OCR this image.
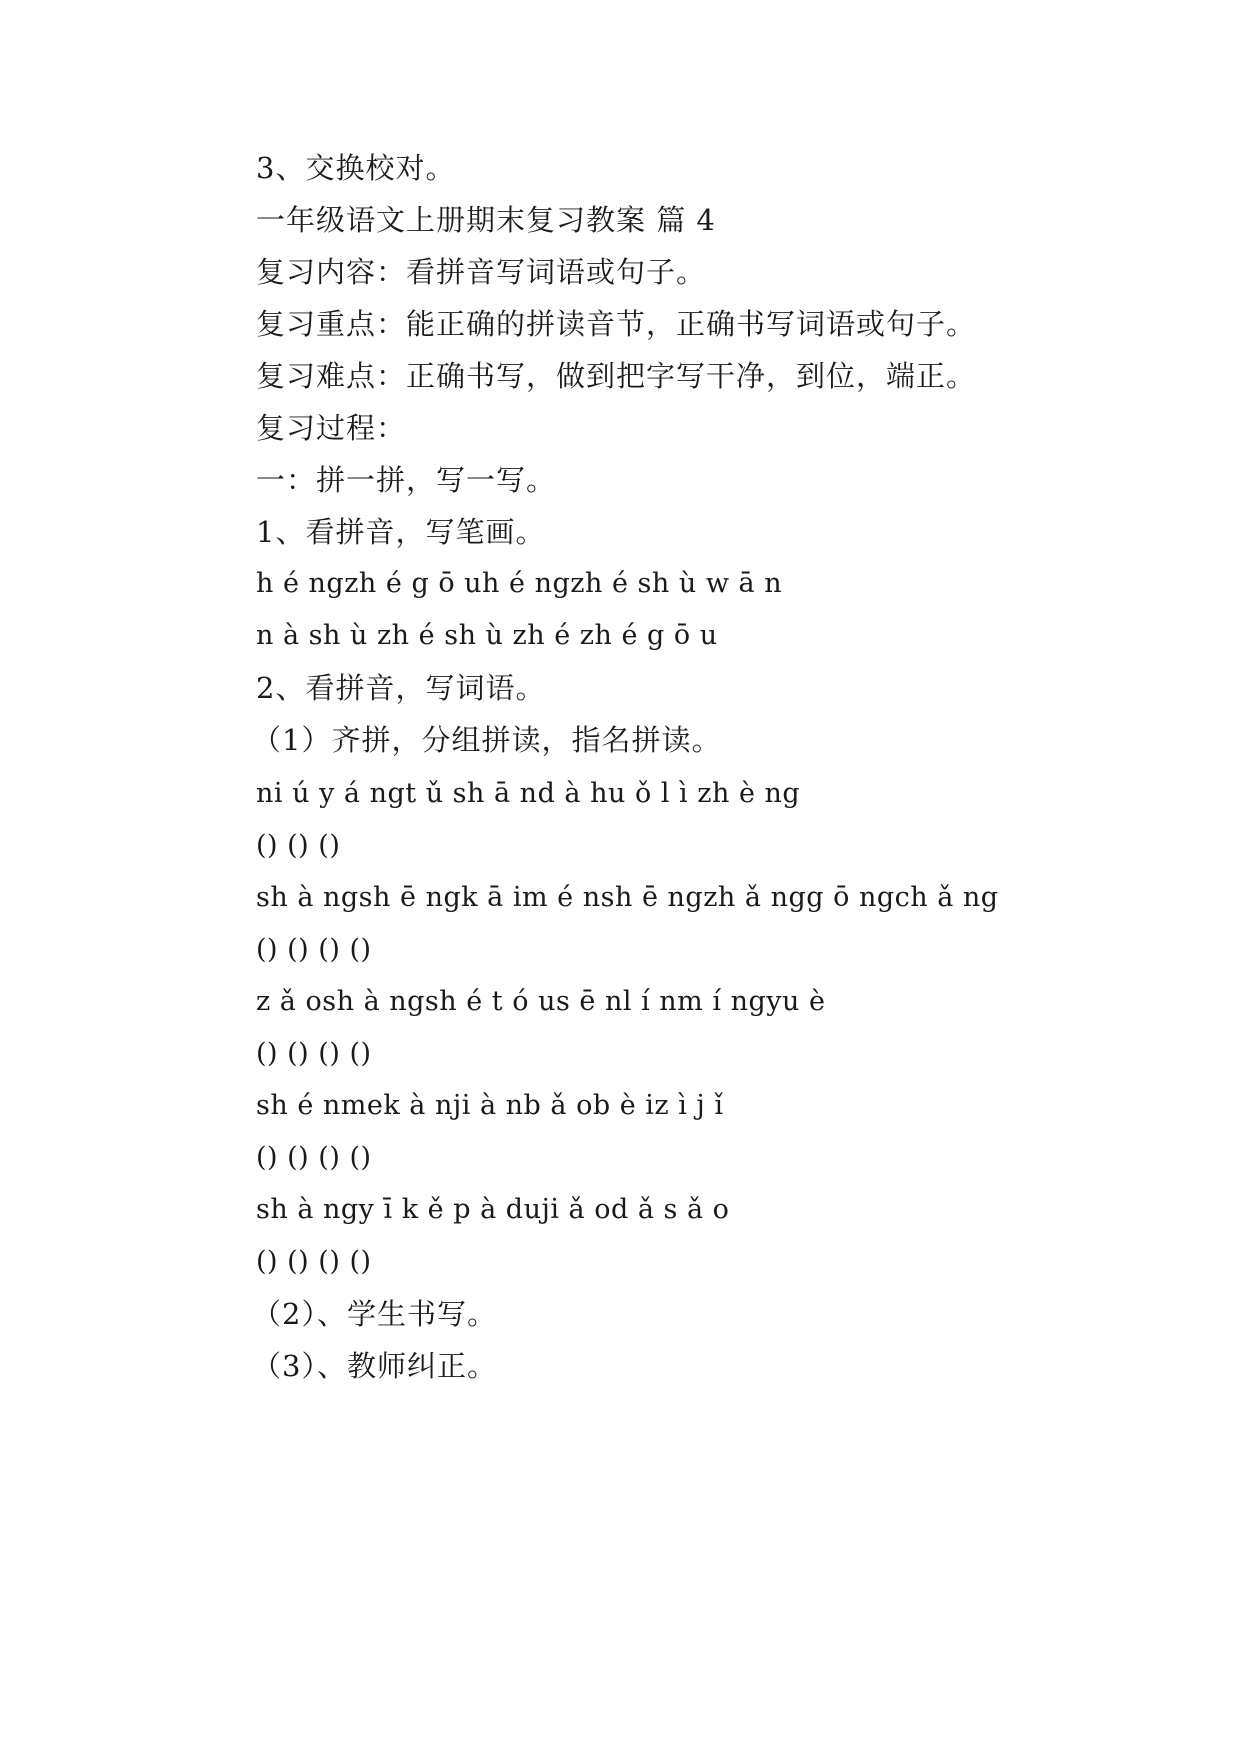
3、交换校对。
一年级语文上册期末复习教案 篇 4
复习内容：看拼音写词语或句子。
复习重点：能正确的拼读音节，正确书写词语或句子。
复习难点：正确书写，做到把字写干净，到位，端正。
复习过程：
一：拼一拼，写一写。
1、看拼音，写笔画。
h é ngzh é g ō uh é ngzh é sh ù w ā n
n à sh ù zh é sh ù zh é zh é g ō u
2、看拼音，写词语。
（1）齐拼，分组拼读，指名拼读。
ni ú y á ngt ǔ sh ā nd à hu ǒ l ì zh è ng
() () ()
sh à ngsh ē ngk ā im é nsh ē ngzh ǎ ngg ō ngch ǎ ng
() () () ()
z ǎ osh à ngsh é t ó us ē nl í nm í ngyu è
() () () ()
sh é nmek à nji à nb ǎ ob è iz ì j ǐ
() () () ()
sh à ngy ī k ě p à duji ǎ od ǎ s ǎ o
() () () ()
（2）、学生书写。
（3）、教师纠正。
